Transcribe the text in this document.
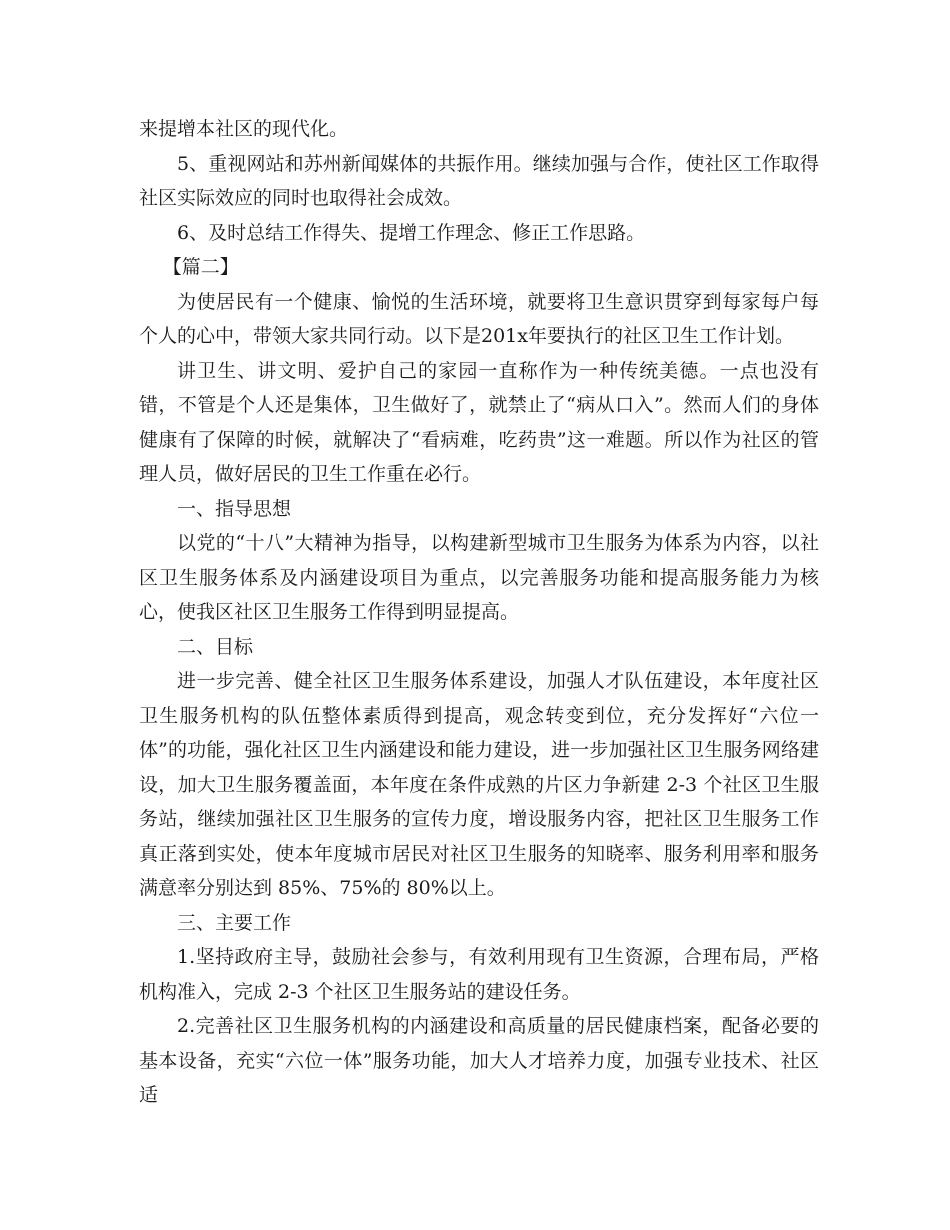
来提增本社区的现代化。

5、重视网站和苏州新闻媒体的共振作用。继续加强与合作，使社区工作取得社区实际效应的同时也取得社会成效。

6、及时总结工作得失、提增工作理念、修正工作思路。

【篇二】

为使居民有一个健康、愉悦的生活环境，就要将卫生意识贯穿到每家每户每个人的心中，带领大家共同行动。以下是201x年要执行的社区卫生工作计划。

讲卫生、讲文明、爱护自己的家园一直称作为一种传统美德。一点也没有错，不管是个人还是集体，卫生做好了，就禁止了“病从口入”。然而人们的身体健康有了保障的时候，就解决了“看病难，吃药贵”这一难题。所以作为社区的管理人员，做好居民的卫生工作重在必行。

一、指导思想

以党的“十八”大精神为指导，以构建新型城市卫生服务为体系为内容，以社区卫生服务体系及内涵建设项目为重点，以完善服务功能和提高服务能力为核心，使我区社区卫生服务工作得到明显提高。

二、目标

进一步完善、健全社区卫生服务体系建设，加强人才队伍建设，本年度社区卫生服务机构的队伍整体素质得到提高，观念转变到位，充分发挥好“六位一体”的功能，强化社区卫生内涵建设和能力建设，进一步加强社区卫生服务网络建设，加大卫生服务覆盖面，本年度在条件成熟的片区力争新建 2-3 个社区卫生服务站，继续加强社区卫生服务的宣传力度，增设服务内容，把社区卫生服务工作真正落到实处，使本年度城市居民对社区卫生服务的知晓率、服务利用率和服务满意率分别达到 85%、75%的 80%以上。

三、主要工作

1.坚持政府主导，鼓励社会参与，有效利用现有卫生资源，合理布局，严格机构准入，完成 2-3 个社区卫生服务站的建设任务。

2.完善社区卫生服务机构的内涵建设和高质量的居民健康档案，配备必要的基本设备，充实“六位一体”服务功能，加大人才培养力度，加强专业技术、社区适
